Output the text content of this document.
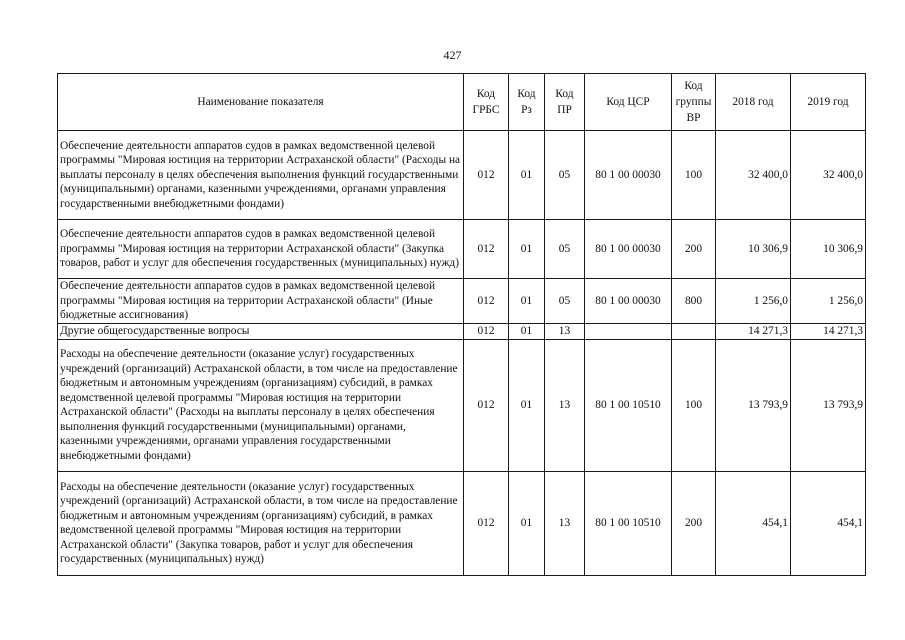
427
Наименование показателя	Код ГРБС	Код Рз	Код ПР	Код ЦСР	Код группы ВР	2018 год	2019 год
Обеспечение деятельности аппаратов судов в рамках ведомственной целевой программы "Мировая юстиция на территории Астраханской области" (Расходы на выплаты персоналу в целях обеспечения выполнения функций государственными (муниципальными) органами, казенными учреждениями, органами управления государственными внебюджетными фондами)	012	01	05	80 1 00 00030	100	32 400,0	32 400,0
Обеспечение деятельности аппаратов судов в рамках ведомственной целевой программы "Мировая юстиция на территории Астраханской области" (Закупка товаров, работ и услуг для обеспечения государственных (муниципальных) нужд)	012	01	05	80 1 00 00030	200	10 306,9	10 306,9
Обеспечение деятельности аппаратов судов в рамках ведомственной целевой программы "Мировая юстиция на территории Астраханской области" (Иные бюджетные ассигнования)	012	01	05	80 1 00 00030	800	1 256,0	1 256,0
Другие общегосударственные вопросы	012	01	13			14 271,3	14 271,3
Расходы на обеспечение деятельности (оказание услуг) государственных учреждений (организаций) Астраханской области, в том числе на предоставление бюджетным и автономным учреждениям (организациям) субсидий, в рамках ведомственной целевой программы "Мировая юстиция на территории Астраханской области" (Расходы на выплаты персоналу в целях обеспечения выполнения функций государственными (муниципальными) органами, казенными учреждениями, органами управления государственными внебюджетными фондами)	012	01	13	80 1 00 10510	100	13 793,9	13 793,9
Расходы на обеспечение деятельности (оказание услуг) государственных учреждений (организаций) Астраханской области, в том числе на предоставление бюджетным и автономным учреждениям (организациям) субсидий, в рамках ведомственной целевой программы "Мировая юстиция на территории Астраханской области" (Закупка товаров, работ и услуг для обеспечения государственных (муниципальных) нужд)	012	01	13	80 1 00 10510	200	454,1	454,1
